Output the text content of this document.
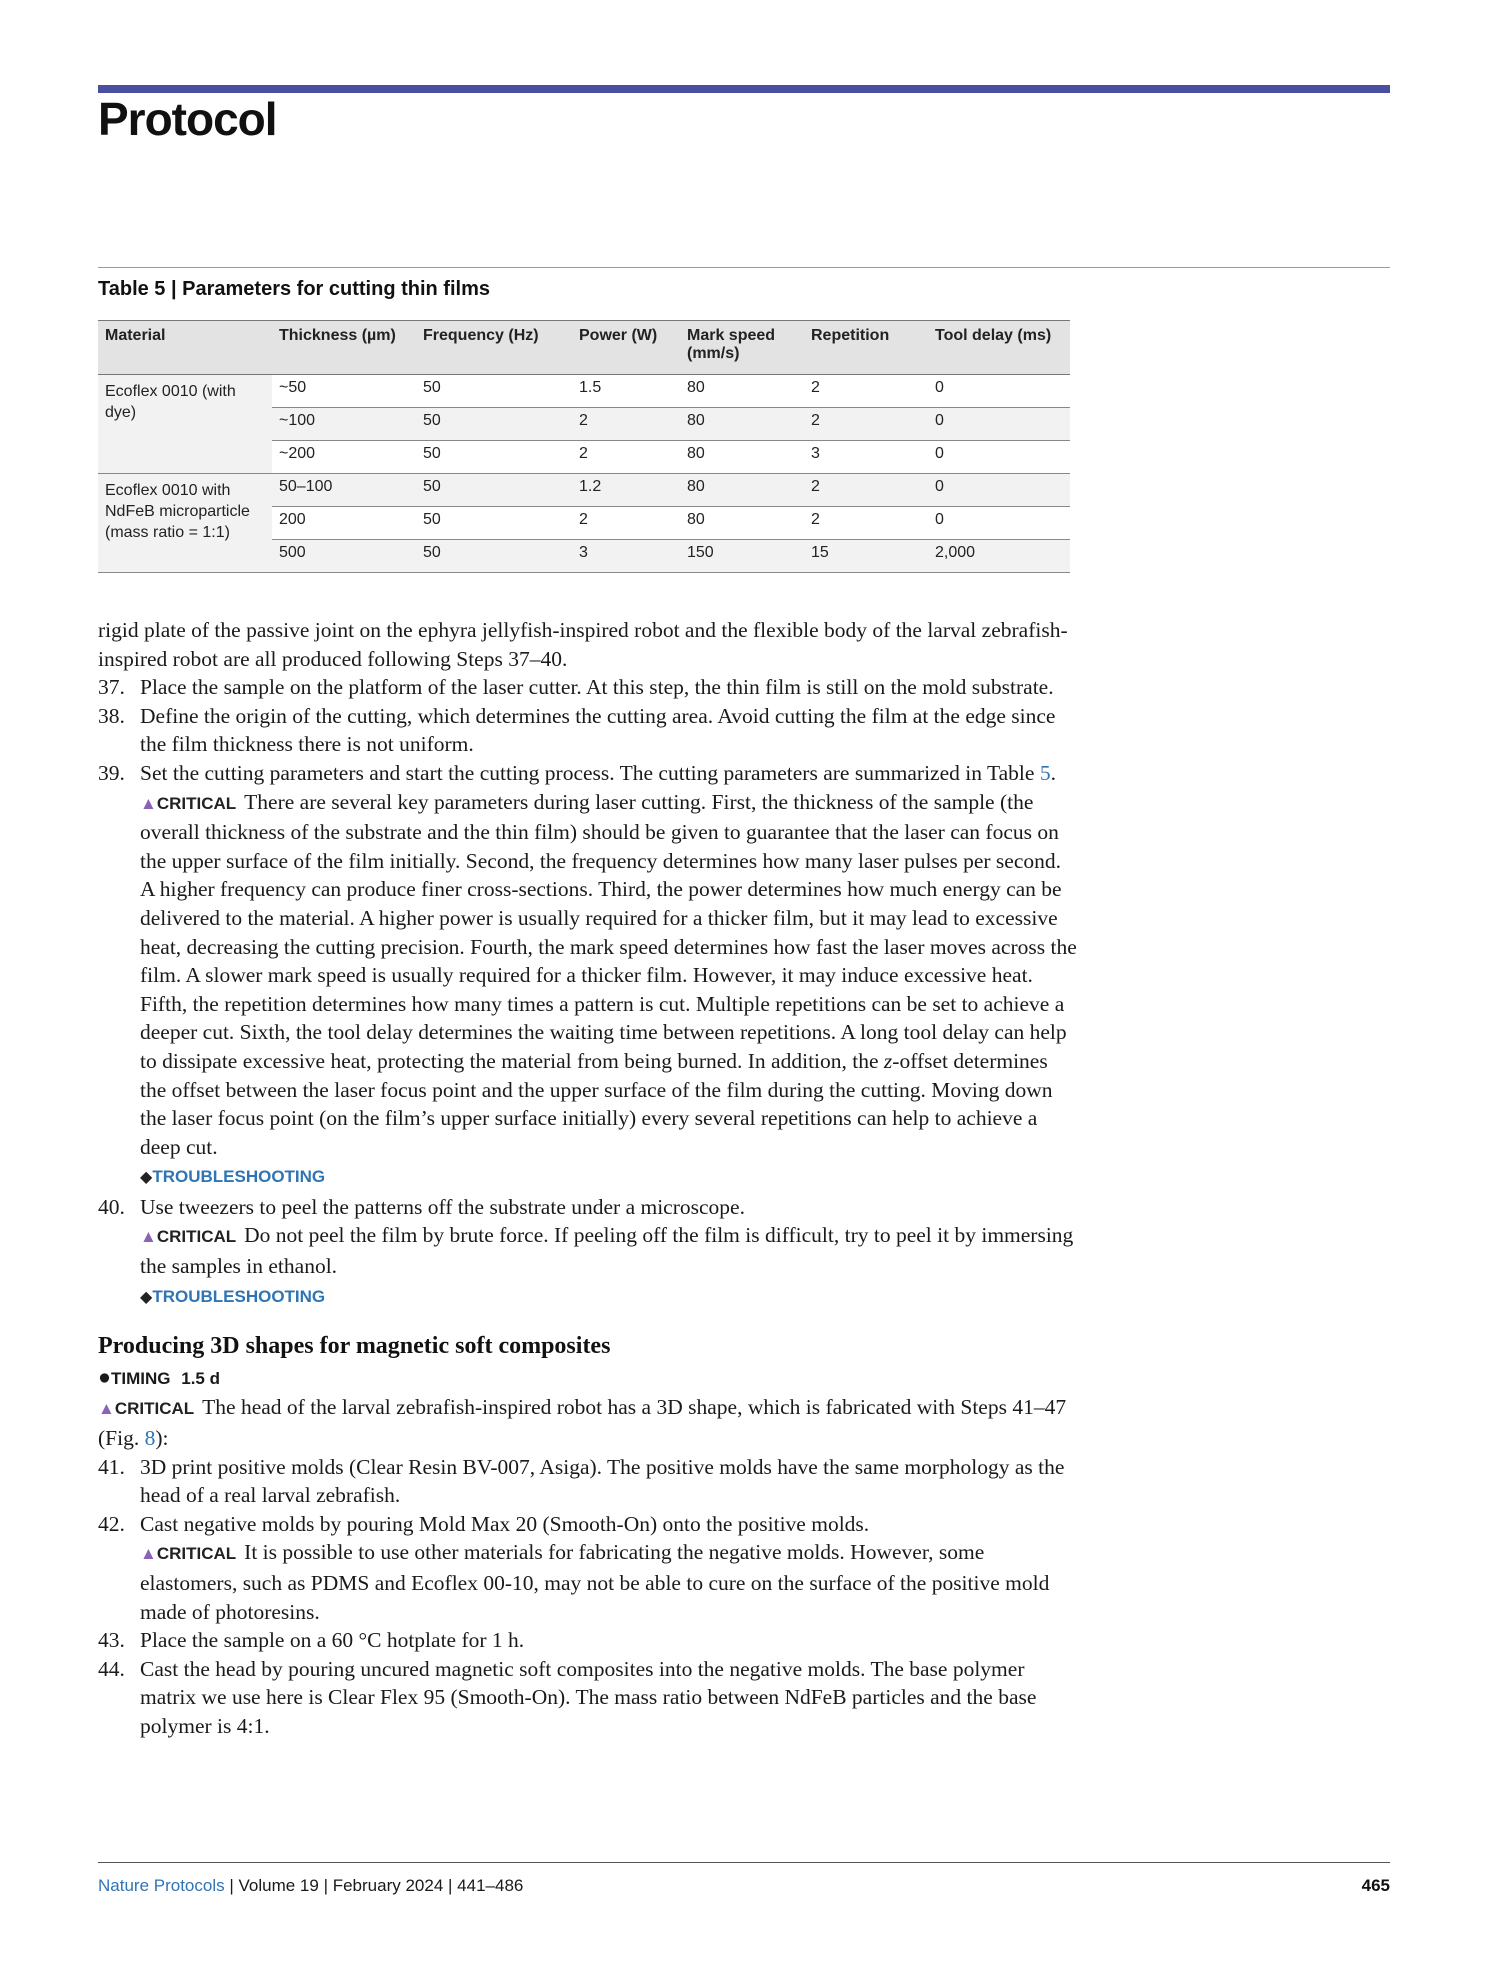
Protocol
Table 5 | Parameters for cutting thin films
Material	Thickness (µm)	Frequency (Hz)	Power (W)	Mark speed (mm/s)	Repetition	Tool delay (ms)
Ecoflex 0010 (with dye)	~50	50	1.5	80	2	0
	~100	50	2	80	2	0
	~200	50	2	80	3	0
Ecoflex 0010 with NdFeB microparticle (mass ratio = 1:1)	50–100	50	1.2	80	2	0
	200	50	2	80	2	0
	500	50	3	150	15	2,000

rigid plate of the passive joint on the ephyra jellyfish-inspired robot and the flexible body of the larval zebrafish-inspired robot are all produced following Steps 37–40.

37. Place the sample on the platform of the laser cutter. At this step, the thin film is still on the mold substrate.
38. Define the origin of the cutting, which determines the cutting area. Avoid cutting the film at the edge since the film thickness there is not uniform.
39. Set the cutting parameters and start the cutting process. The cutting parameters are summarized in Table 5.
▲CRITICAL There are several key parameters during laser cutting. First, the thickness of the sample (the overall thickness of the substrate and the thin film) should be given to guarantee that the laser can focus on the upper surface of the film initially. Second, the frequency determines how many laser pulses per second. A higher frequency can produce finer cross-sections. Third, the power determines how much energy can be delivered to the material. A higher power is usually required for a thicker film, but it may lead to excessive heat, decreasing the cutting precision. Fourth, the mark speed determines how fast the laser moves across the film. A slower mark speed is usually required for a thicker film. However, it may induce excessive heat. Fifth, the repetition determines how many times a pattern is cut. Multiple repetitions can be set to achieve a deeper cut. Sixth, the tool delay determines the waiting time between repetitions. A long tool delay can help to dissipate excessive heat, protecting the material from being burned. In addition, the z-offset determines the offset between the laser focus point and the upper surface of the film during the cutting. Moving down the laser focus point (on the film’s upper surface initially) every several repetitions can help to achieve a deep cut.
◆TROUBLESHOOTING
40. Use tweezers to peel the patterns off the substrate under a microscope.
▲CRITICAL Do not peel the film by brute force. If peeling off the film is difficult, try to peel it by immersing the samples in ethanol.
◆TROUBLESHOOTING
Producing 3D shapes for magnetic soft composites
●TIMING 1.5 d
▲CRITICAL The head of the larval zebrafish-inspired robot has a 3D shape, which is fabricated with Steps 41–47 (Fig. 8):
41. 3D print positive molds (Clear Resin BV-007, Asiga). The positive molds have the same morphology as the head of a real larval zebrafish.
42. Cast negative molds by pouring Mold Max 20 (Smooth-On) onto the positive molds.
▲CRITICAL It is possible to use other materials for fabricating the negative molds. However, some elastomers, such as PDMS and Ecoflex 00-10, may not be able to cure on the surface of the positive mold made of photoresins.
43. Place the sample on a 60 °C hotplate for 1 h.
44. Cast the head by pouring uncured magnetic soft composites into the negative molds. The base polymer matrix we use here is Clear Flex 95 (Smooth-On). The mass ratio between NdFeB particles and the base polymer is 4:1.
Nature Protocols | Volume 19 | February 2024 | 441–486	465
